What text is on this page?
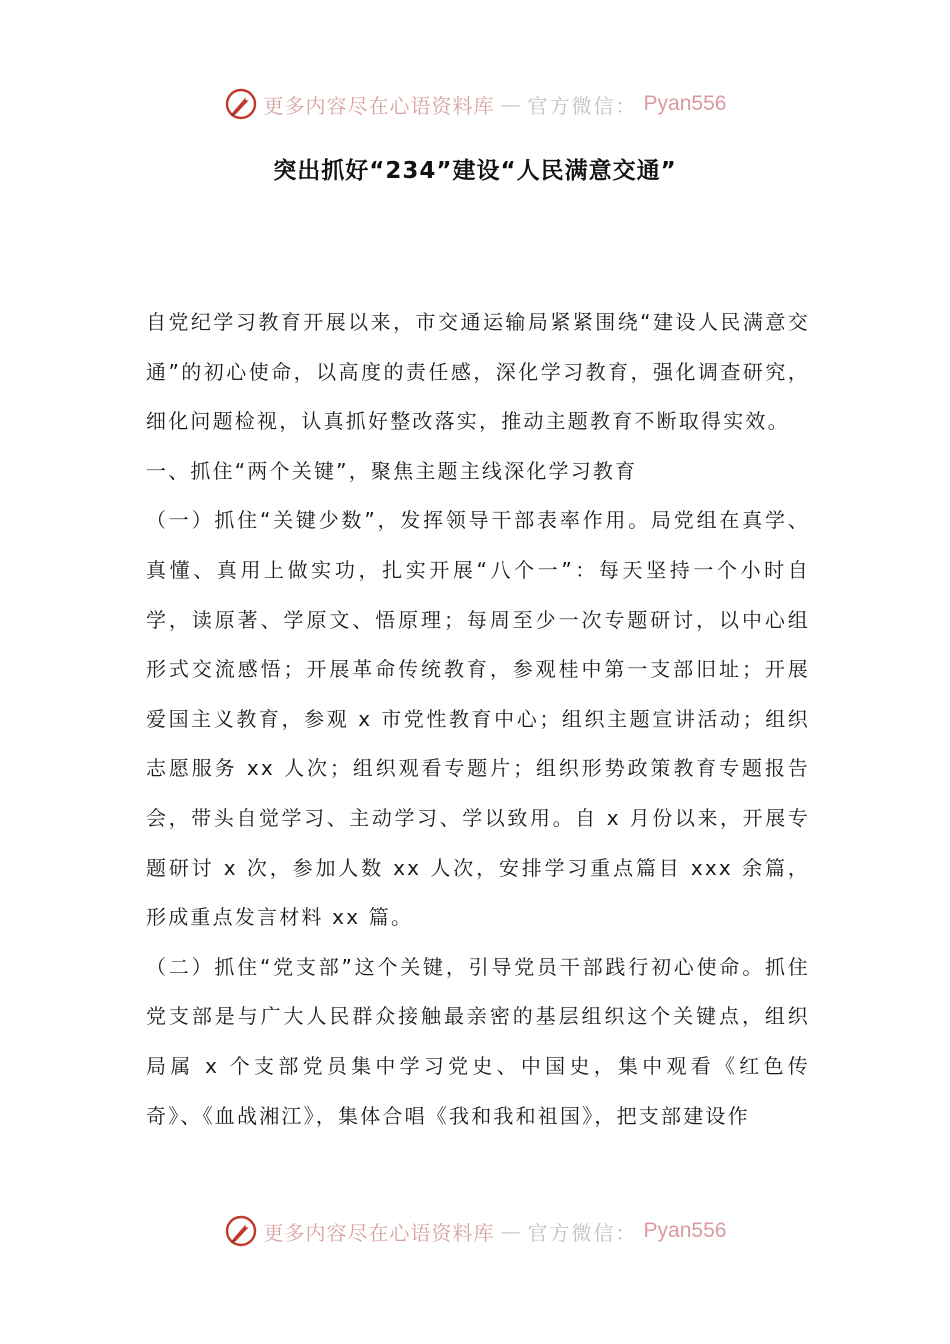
更多内容尽在心语资料库 — 官方微信： Pyan556
突出抓好“234”建设“人民满意交通”

自党纪学习教育开展以来，市交通运输局紧紧围绕“建设人民满意交通”的初心使命，以高度的责任感，深化学习教育，强化调查研究，细化问题检视，认真抓好整改落实，推动主题教育不断取得实效。

一、抓住“两个关键”，聚焦主题主线深化学习教育

（一）抓住“关键少数”，发挥领导干部表率作用。局党组在真学、真懂、真用上做实功，扎实开展“八个一”：每天坚持一个小时自学，读原著、学原文、悟原理；每周至少一次专题研讨，以中心组形式交流感悟；开展革命传统教育，参观桂中第一支部旧址；开展爱国主义教育，参观 x 市党性教育中心；组织主题宣讲活动；组织志愿服务 xx 人次；组织观看专题片；组织形势政策教育专题报告会，带头自觉学习、主动学习、学以致用。自 x 月份以来，开展专题研讨 x 次，参加人数 xx 人次，安排学习重点篇目 xxx 余篇，形成重点发言材料 xx 篇。

（二）抓住“党支部”这个关键，引导党员干部践行初心使命。抓住党支部是与广大人民群众接触最亲密的基层组织这个关键点，组织局属 x 个支部党员集中学习党史、中国史，集中观看《红色传奇》、《血战湘江》，集体合唱《我和我和祖国》，把支部建设作

更多内容尽在心语资料库 — 官方微信： Pyan556
